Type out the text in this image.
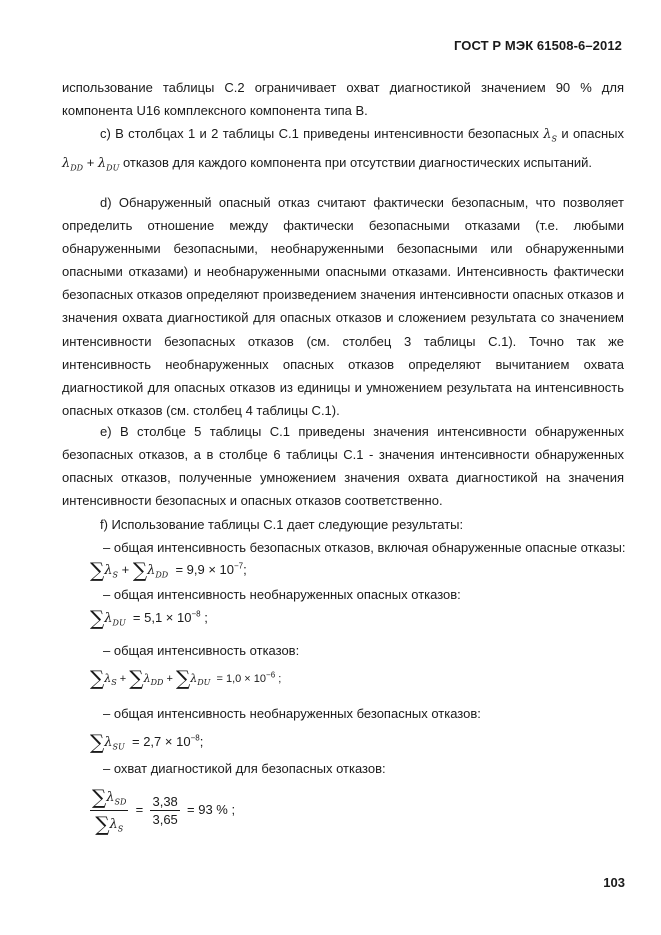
ГОСТ Р МЭК 61508-6–2012
использование таблицы С.2 ограничивает охват диагностикой значением 90 % для компонента U16 комплексного компонента типа В.
с) В столбцах 1 и 2 таблицы С.1 приведены интенсивности безопасных $\lambda_S$ и опасных $\lambda_{DD} + \lambda_{DU}$ отказов для каждого компонента при отсутствии диагностических испытаний.
d) Обнаруженный опасный отказ считают фактически безопасным, что позволяет определить отношение между фактически безопасными отказами (т.е. любыми обнаруженными безопасными, необнаруженными безопасными или обнаруженными опасными отказами) и необнаруженными опасными отказами. Интенсивность фактически безопасных отказов определяют произведением значения интенсивности опасных отказов и значения охвата диагностикой для опасных отказов и сложением результата со значением интенсивности безопасных отказов (см. столбец 3 таблицы С.1). Точно так же интенсивность необнаруженных опасных отказов определяют вычитанием охвата диагностикой для опасных отказов из единицы и умножением результата на интенсивность опасных отказов (см. столбец 4 таблицы С.1).
e) В столбце 5 таблицы С.1 приведены значения интенсивности обнаруженных безопасных отказов, а в столбце 6 таблицы С.1 - значения интенсивности обнаруженных опасных отказов, полученные умножением значения охвата диагностикой на значения интенсивности безопасных и опасных отказов соответственно.
f) Использование таблицы С.1 дает следующие результаты:
– общая интенсивность безопасных отказов, включая обнаруженные опасные отказы:
$\sum\lambda_S + \sum\lambda_{DD} = 9,9 \times 10^{-7}$;
– общая интенсивность необнаруженных опасных отказов:
$\sum\lambda_{DU} = 5,1 \times 10^{-8}$ ;
– общая интенсивность отказов:
$\sum\lambda_S + \sum\lambda_{DD} + \sum\lambda_{DU} = 1,0 \times 10^{-6}$ ;
– общая интенсивность необнаруженных безопасных отказов:
$\sum\lambda_{SU} = 2,7 \times 10^{-8}$;
– охват диагностикой для безопасных отказов:
$\frac{\sum\lambda_{SD}}{\sum\lambda_S} = \frac{3,38}{3,65} = 93$ % ;
103
